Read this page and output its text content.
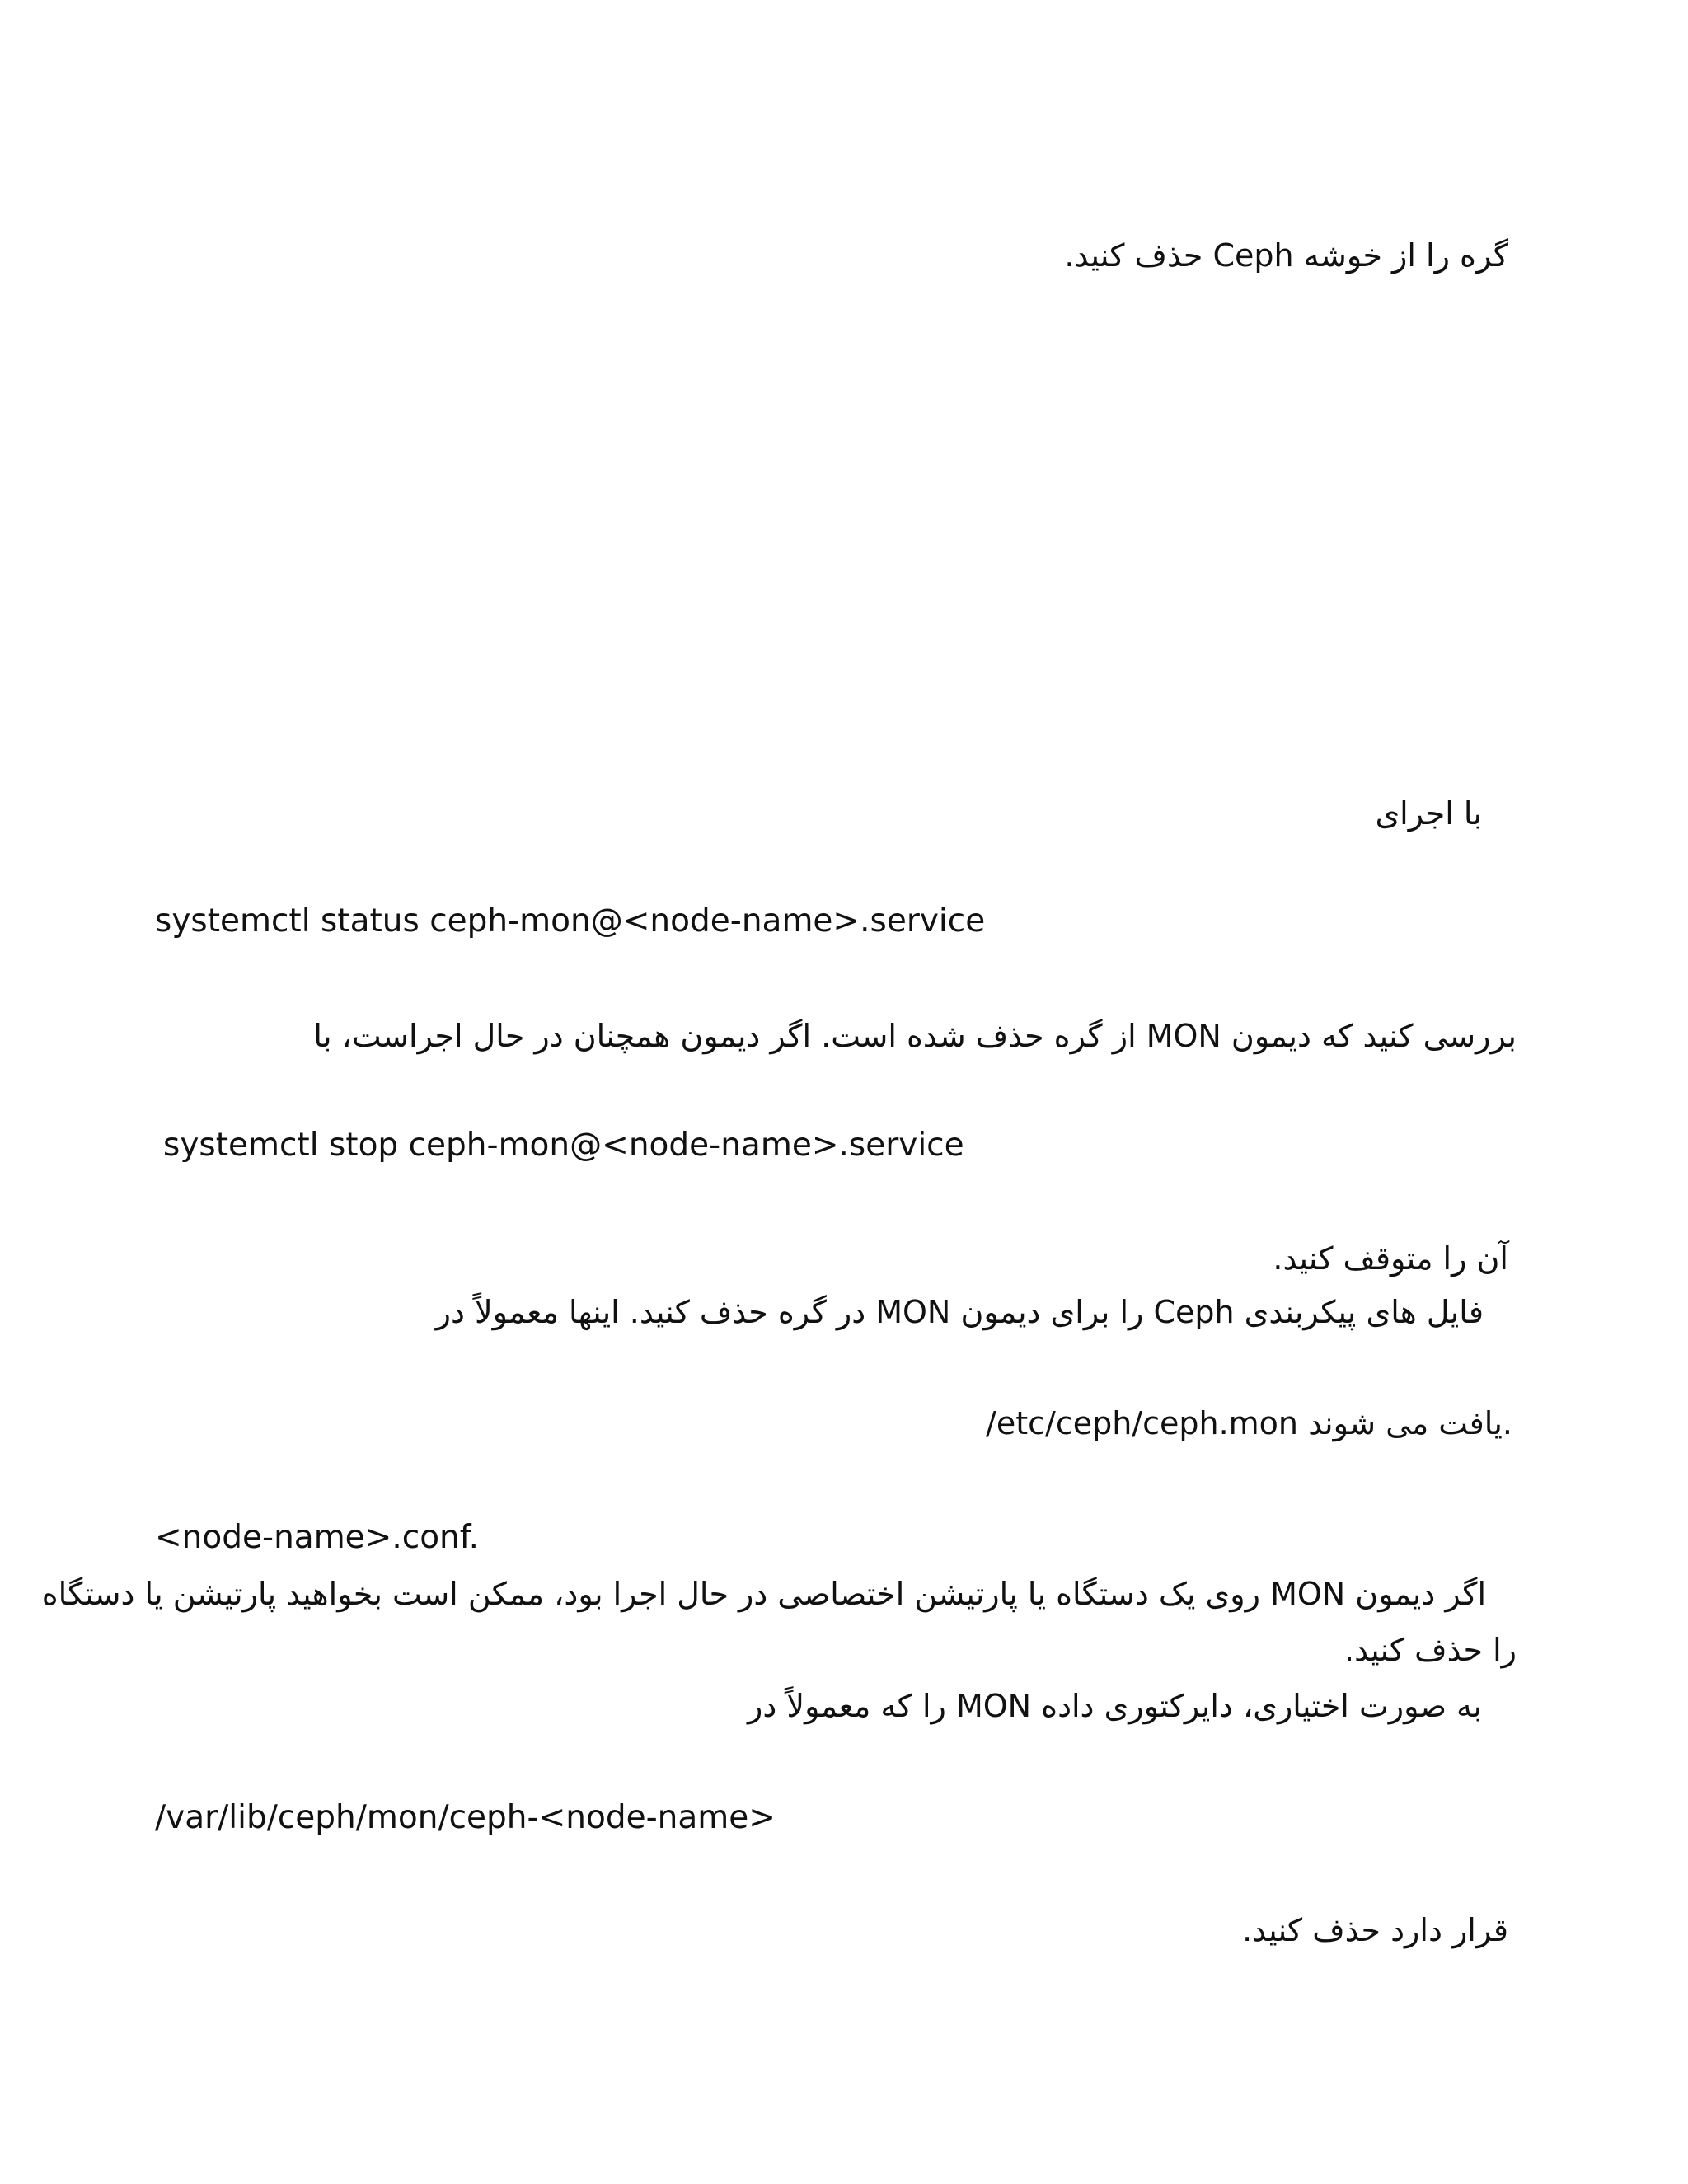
گره را از خوشه Ceph حذف کنید.
با اجرای
systemctl status ceph-mon@<node-name>.service
بررسی کنید که دیمون MON از گره حذف شده است. اگر دیمون همچنان در حال اجراست، با
systemctl stop ceph-mon@<node-name>.service
آن را متوقف کنید.
فایل های پیکربندی Ceph را برای دیمون MON در گره حذف کنید. اینها معمولاً در
/etc/ceph/ceph.mon یافت می شوند.
<node-name>.conf.
اگر دیمون MON روی یک دستگاه یا پارتیشن اختصاصی در حال اجرا بود، ممکن است بخواهید پارتیشن یا دستگاه
را حذف کنید.
به صورت اختیاری، دایرکتوری داده MON را که معمولاً در
/var/lib/ceph/mon/ceph-<node-name>
قرار دارد حذف کنید.
